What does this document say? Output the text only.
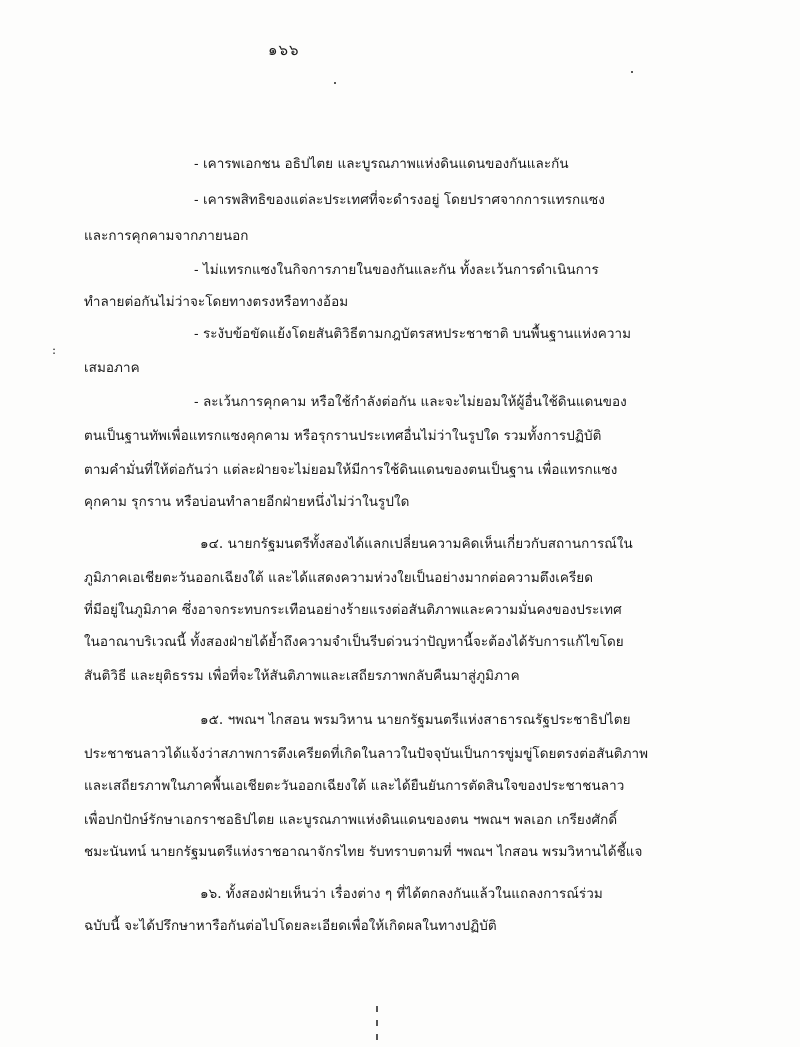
๑๖๖
- เคารพเอกชน อธิปไตย และบูรณภาพแห่งดินแดนของกันและกัน
- เคารพสิทธิของแต่ละประเทศที่จะดำรงอยู่ โดยปราศจากการแทรกแซง
และการคุกคามจากภายนอก
- ไม่แทรกแซงในกิจการภายในของกันและกัน ทั้งละเว้นการดำเนินการ
ทำลายต่อกันไม่ว่าจะโดยทางตรงหรือทางอ้อม
- ระงับข้อขัดแย้งโดยสันติวิธีตามกฎบัตรสหประชาชาติ บนพื้นฐานแห่งความ
เสมอภาค
- ละเว้นการคุกคาม หรือใช้กำลังต่อกัน และจะไม่ยอมให้ผู้อื่นใช้ดินแดนของ
ตนเป็นฐานทัพเพื่อแทรกแซงคุกคาม หรือรุกรานประเทศอื่นไม่ว่าในรูปใด รวมทั้งการปฏิบัติ
ตามคำมั่นที่ให้ต่อกันว่า แต่ละฝ่ายจะไม่ยอมให้มีการใช้ดินแดนของตนเป็นฐาน เพื่อแทรกแซง
คุกคาม รุกราน หรือบ่อนทำลายอีกฝ่ายหนึ่งไม่ว่าในรูปใด
๑๔. นายกรัฐมนตรีทั้งสองได้แลกเปลี่ยนความคิดเห็นเกี่ยวกับสถานการณ์ใน
ภูมิภาคเอเชียตะวันออกเฉียงใต้ และได้แสดงความห่วงใยเป็นอย่างมากต่อความตึงเครียด
ที่มีอยู่ในภูมิภาค ซึ่งอาจกระทบกระเทือนอย่างร้ายแรงต่อสันติภาพและความมั่นคงของประเทศ
ในอาณาบริเวณนี้ ทั้งสองฝ่ายได้ย้ำถึงความจำเป็นรีบด่วนว่าปัญหานี้จะต้องได้รับการแก้ไขโดย
สันติวิธี และยุติธรรม เพื่อที่จะให้สันติภาพและเสถียรภาพกลับคืนมาสู่ภูมิภาค
๑๕. ฯพณฯ ไกสอน พรมวิหาน นายกรัฐมนตรีแห่งสาธารณรัฐประชาธิปไตย
ประชาชนลาวได้แจ้งว่าสภาพการตึงเครียดที่เกิดในลาวในปัจจุบันเป็นการขู่มขู่โดยตรงต่อสันติภาพ
และเสถียรภาพในภาคพื้นเอเชียตะวันออกเฉียงใต้ และได้ยืนยันการตัดสินใจของประชาชนลาว
เพื่อปกปักษ์รักษาเอกราชอธิปไตย และบูรณภาพแห่งดินแดนของตน ฯพณฯ พลเอก เกรียงศักดิ์
ชมะนันทน์ นายกรัฐมนตรีแห่งราชอาณาจักรไทย รับทราบตามที่ ฯพณฯ ไกสอน พรมวิหานได้ชี้แจ
๑๖. ทั้งสองฝ่ายเห็นว่า เรื่องต่าง ๆ ที่ได้ตกลงกันแล้วในแถลงการณ์ร่วม
ฉบับนี้ จะได้ปรึกษาหารือกันต่อไปโดยละเอียดเพื่อให้เกิดผลในทางปฏิบัติ
:
